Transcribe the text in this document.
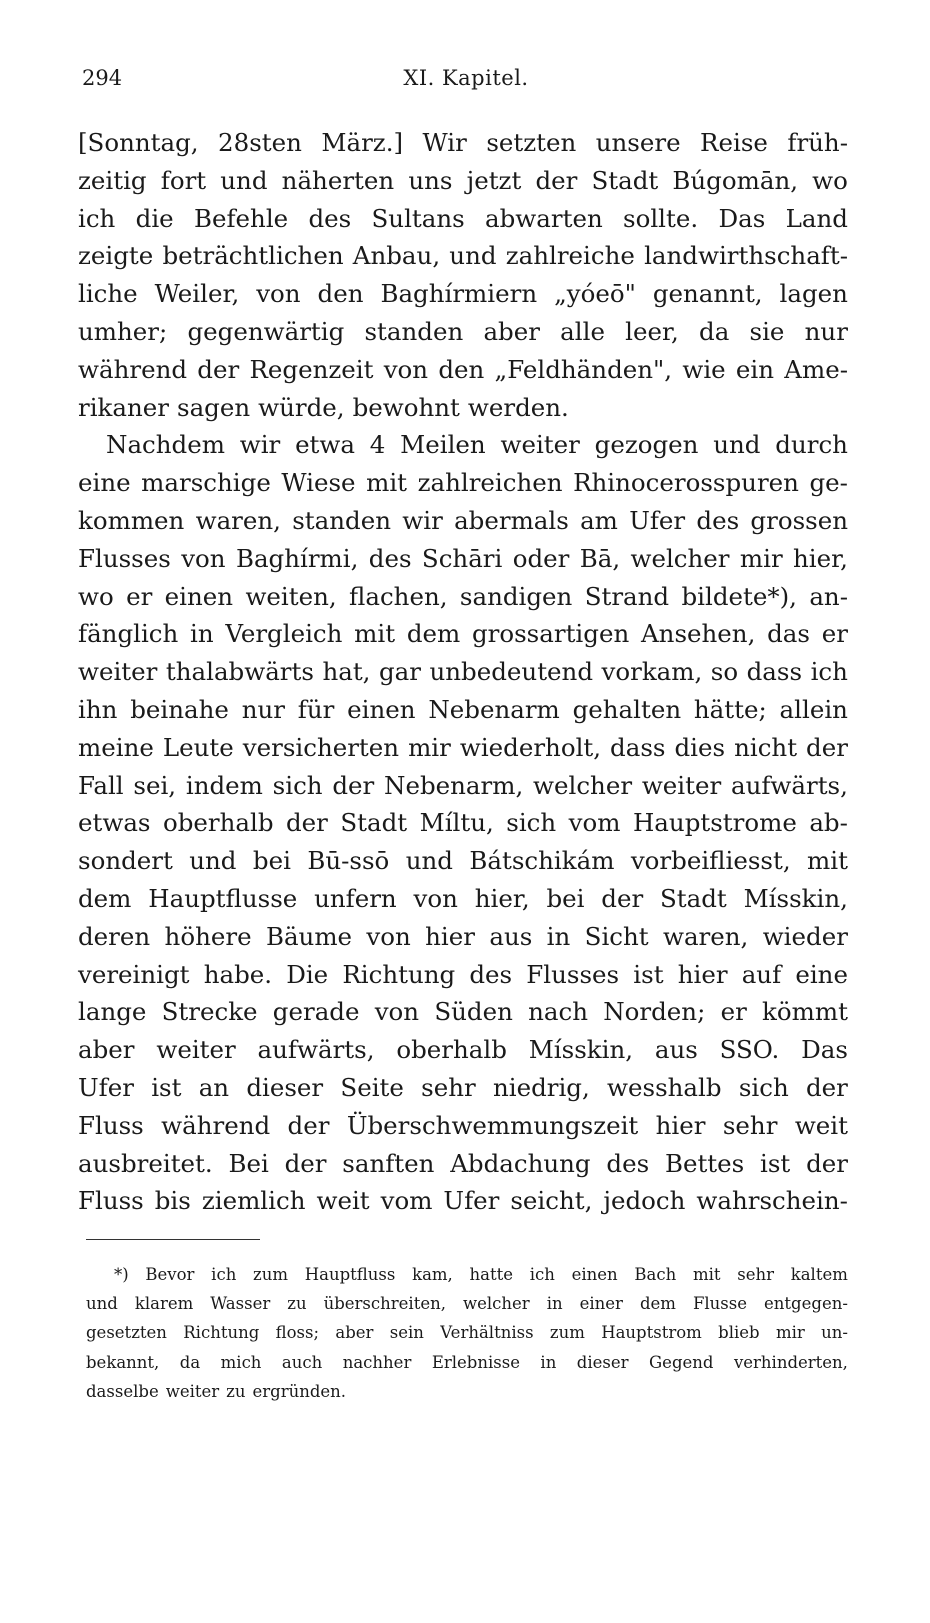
294	XI. Kapitel.
[Sonntag, 28sten März.] Wir setzten unsere Reise früh-
zeitig fort und näherten uns jetzt der Stadt Búgomān, wo
ich die Befehle des Sultans abwarten sollte. Das Land
zeigte beträchtlichen Anbau, und zahlreiche landwirthschaft-
liche Weiler, von den Baghírmiern „yóeō" genannt, lagen
umher; gegenwärtig standen aber alle leer, da sie nur
während der Regenzeit von den „Feldhänden", wie ein Ame-
rikaner sagen würde, bewohnt werden.
Nachdem wir etwa 4 Meilen weiter gezogen und durch
eine marschige Wiese mit zahlreichen Rhinocerosspuren ge-
kommen waren, standen wir abermals am Ufer des grossen
Flusses von Baghírmi, des Schāri oder Bā, welcher mir hier,
wo er einen weiten, flachen, sandigen Strand bildete*), an-
fänglich in Vergleich mit dem grossartigen Ansehen, das er
weiter thalabwärts hat, gar unbedeutend vorkam, so dass ich
ihn beinahe nur für einen Nebenarm gehalten hätte; allein
meine Leute versicherten mir wiederholt, dass dies nicht der
Fall sei, indem sich der Nebenarm, welcher weiter aufwärts,
etwas oberhalb der Stadt Míltu, sich vom Hauptstrome ab-
sondert und bei Bū-ssō und Bátschikám vorbeifliesst, mit
dem Hauptflusse unfern von hier, bei der Stadt Mísskin,
deren höhere Bäume von hier aus in Sicht waren, wieder
vereinigt habe. Die Richtung des Flusses ist hier auf eine
lange Strecke gerade von Süden nach Norden; er kömmt
aber weiter aufwärts, oberhalb Mísskin, aus SSO. Das
Ufer ist an dieser Seite sehr niedrig, wesshalb sich der
Fluss während der Überschwemmungszeit hier sehr weit
ausbreitet. Bei der sanften Abdachung des Bettes ist der
Fluss bis ziemlich weit vom Ufer seicht, jedoch wahrschein-
*) Bevor ich zum Hauptfluss kam, hatte ich einen Bach mit sehr kaltem
und klarem Wasser zu überschreiten, welcher in einer dem Flusse entgegen-
gesetzten Richtung floss; aber sein Verhältniss zum Hauptstrom blieb mir un-
bekannt, da mich auch nachher Erlebnisse in dieser Gegend verhinderten,
dasselbe weiter zu ergründen.
